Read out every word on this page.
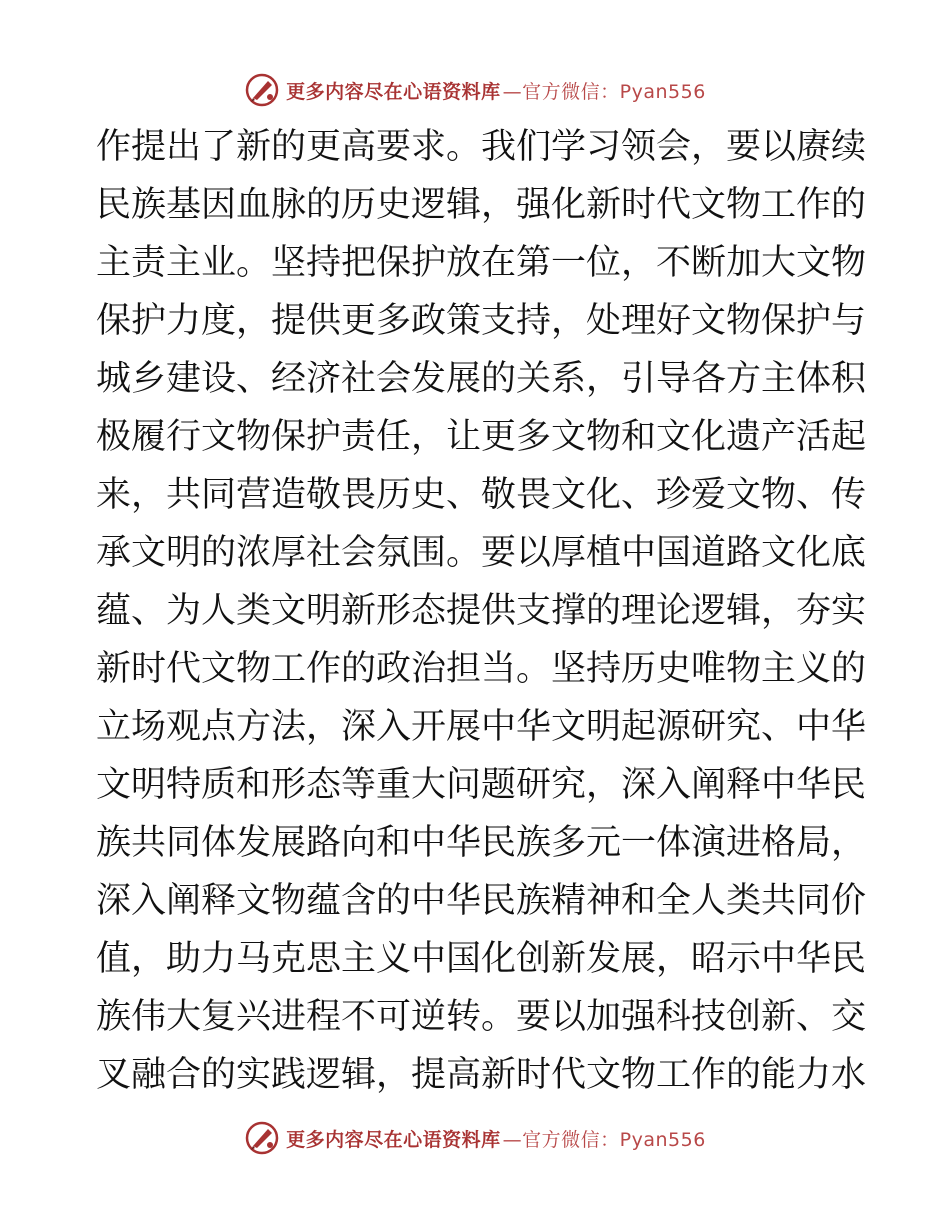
更多内容尽在心语资料库 —官方微信：Pyan556
作提出了新的更高要求。我们学习领会，要以赓续
民族基因血脉的历史逻辑，强化新时代文物工作的
主责主业。坚持把保护放在第一位，不断加大文物
保护力度，提供更多政策支持，处理好文物保护与
城乡建设、经济社会发展的关系，引导各方主体积
极履行文物保护责任，让更多文物和文化遗产活起
来，共同营造敬畏历史、敬畏文化、珍爱文物、传
承文明的浓厚社会氛围。要以厚植中国道路文化底
蕴、为人类文明新形态提供支撑的理论逻辑，夯实
新时代文物工作的政治担当。坚持历史唯物主义的
立场观点方法，深入开展中华文明起源研究、中华
文明特质和形态等重大问题研究，深入阐释中华民
族共同体发展路向和中华民族多元一体演进格局，
深入阐释文物蕴含的中华民族精神和全人类共同价
值，助力马克思主义中国化创新发展，昭示中华民
族伟大复兴进程不可逆转。要以加强科技创新、交
叉融合的实践逻辑，提高新时代文物工作的能力水
更多内容尽在心语资料库 —官方微信：Pyan556
